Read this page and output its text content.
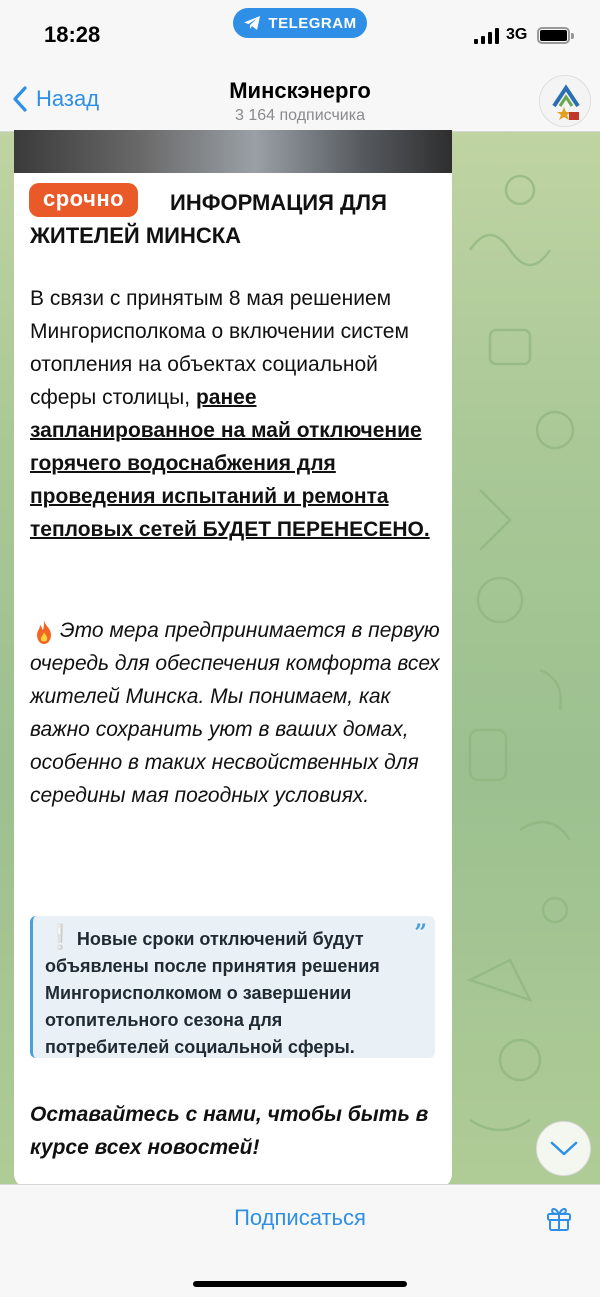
18:28	TELEGRAM
3G
Назад	Минскэнерго
3 164 подписчика
ИНФОРМАЦИЯ ДЛЯ ЖИТЕЛЕЙ МИНСКА
срочно
В связи с принятым 8 мая решением Мингорисполкома о включении систем отопления на объектах социальной сферы столицы, ранее запланированное на май отключение горячего водоснабжения для проведения испытаний и ремонта тепловых сетей БУДЕТ ПЕРЕНЕСЕНО.
Это мера предпринимается в первую очередь для обеспечения комфорта всех жителей Минска. Мы понимаем, как важно сохранить уют в ваших домах, особенно в таких несвойственных для середины мая погодных условиях.
❕ Новые сроки отключений будут объявлены после принятия решения Мингорисполкомом о завершении отопительного сезона для потребителей социальной сферы.
”
Оставайтесь с нами, чтобы быть в курсе всех новостей!
Подписаться
